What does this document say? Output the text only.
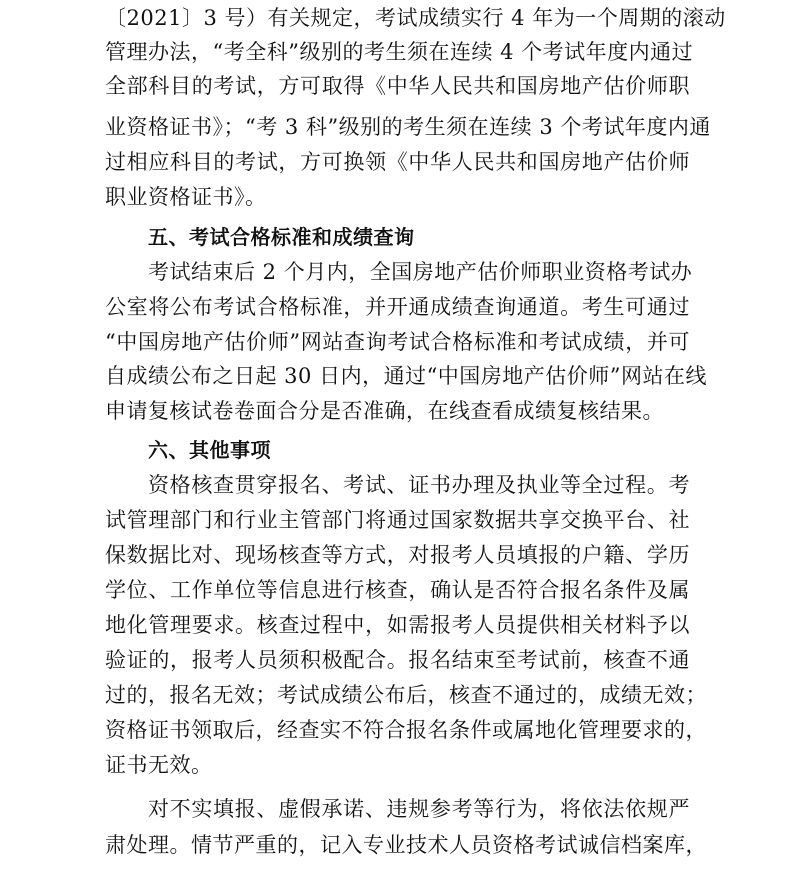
〔2021〕3 号）有关规定，考试成绩实行 4 年为一个周期的滚动
管理办法，“考全科”级别的考生须在连续 4 个考试年度内通过
全部科目的考试，方可取得《中华人民共和国房地产估价师职
业资格证书》；“考 3 科”级别的考生须在连续 3 个考试年度内通
过相应科目的考试，方可换领《中华人民共和国房地产估价师
职业资格证书》。
五、考试合格标准和成绩查询
考试结束后 2 个月内，全国房地产估价师职业资格考试办
公室将公布考试合格标准，并开通成绩查询通道。考生可通过
“中国房地产估价师”网站查询考试合格标准和考试成绩，并可
自成绩公布之日起 30 日内，通过“中国房地产估价师”网站在线
申请复核试卷卷面合分是否准确，在线查看成绩复核结果。
六、其他事项
资格核查贯穿报名、考试、证书办理及执业等全过程。考
试管理部门和行业主管部门将通过国家数据共享交换平台、社
保数据比对、现场核查等方式，对报考人员填报的户籍、学历
学位、工作单位等信息进行核查，确认是否符合报名条件及属
地化管理要求。核查过程中，如需报考人员提供相关材料予以
验证的，报考人员须积极配合。报名结束至考试前，核查不通
过的，报名无效；考试成绩公布后，核查不通过的，成绩无效；
资格证书领取后，经查实不符合报名条件或属地化管理要求的，
证书无效。
对不实填报、虚假承诺、违规参考等行为，将依法依规严
肃处理。情节严重的，记入专业技术人员资格考试诚信档案库，
